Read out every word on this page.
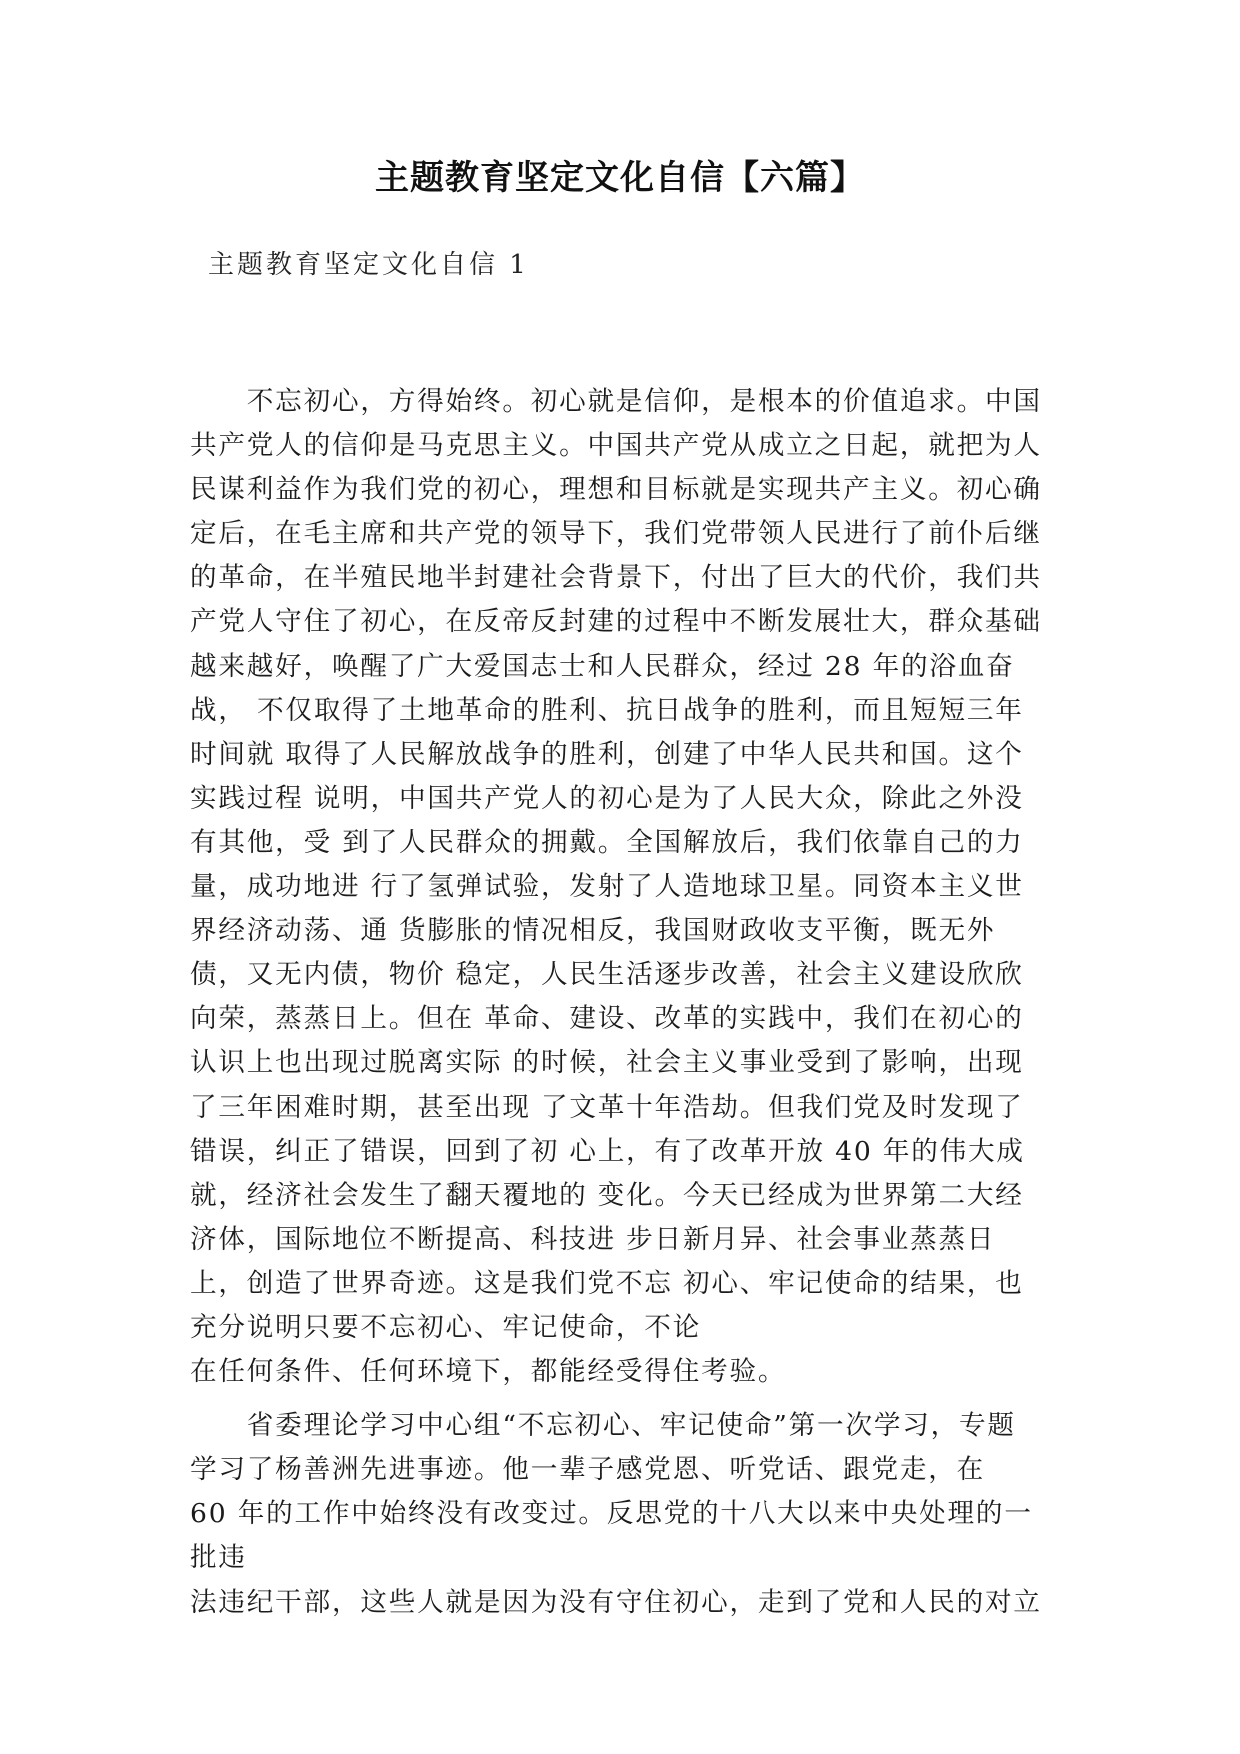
主题教育坚定文化自信【六篇】
主题教育坚定文化自信 1
　　不忘初心，方得始终。初心就是信仰，是根本的价值追求。中国
共产党人的信仰是马克思主义。中国共产党从成立之日起，就把为人
民谋利益作为我们党的初心，理想和目标就是实现共产主义。初心确
定后，在毛主席和共产党的领导下，我们党带领人民进行了前仆后继
的革命，在半殖民地半封建社会背景下，付出了巨大的代价，我们共
产党人守住了初心，在反帝反封建的过程中不断发展壮大，群众基础
越来越好，唤醒了广大爱国志士和人民群众，经过 28 年的浴血奋
战， 不仅取得了土地革命的胜利、抗日战争的胜利，而且短短三年
时间就 取得了人民解放战争的胜利，创建了中华人民共和国。这个
实践过程 说明，中国共产党人的初心是为了人民大众，除此之外没
有其他，受 到了人民群众的拥戴。全国解放后，我们依靠自己的力
量，成功地进 行了氢弹试验，发射了人造地球卫星。同资本主义世
界经济动荡、通 货膨胀的情况相反，我国财政收支平衡，既无外
债，又无内债，物价 稳定，人民生活逐步改善，社会主义建设欣欣
向荣，蒸蒸日上。但在 革命、建设、改革的实践中，我们在初心的
认识上也出现过脱离实际 的时候，社会主义事业受到了影响，出现
了三年困难时期，甚至出现 了文革十年浩劫。但我们党及时发现了
错误，纠正了错误，回到了初 心上，有了改革开放 40 年的伟大成
就，经济社会发生了翻天覆地的 变化。今天已经成为世界第二大经
济体，国际地位不断提高、科技进 步日新月异、社会事业蒸蒸日
上，创造了世界奇迹。这是我们党不忘 初心、牢记使命的结果，也
充分说明只要不忘初心、牢记使命，不论
在任何条件、任何环境下，都能经受得住考验。
　　省委理论学习中心组“不忘初心、牢记使命”第一次学习，专题
学习了杨善洲先进事迹。他一辈子感党恩、听党话、跟党走，在
60 年的工作中始终没有改变过。反思党的十八大以来中央处理的一
批违
法违纪干部，这些人就是因为没有守住初心，走到了党和人民的对立
